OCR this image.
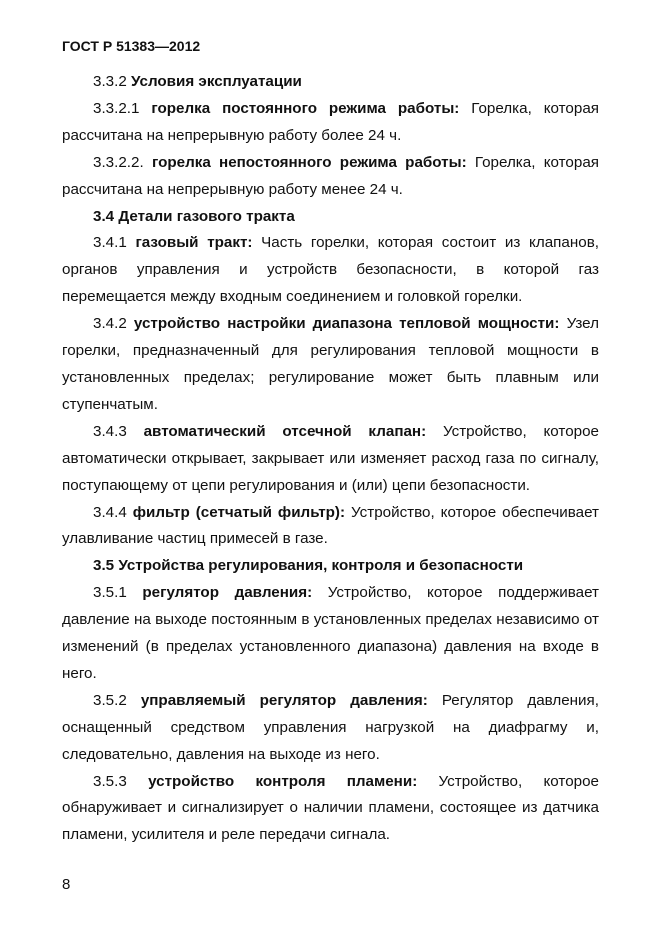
ГОСТ Р 51383—2012

3.3.2 Условия эксплуатации

3.3.2.1 горелка постоянного режима работы: Горелка, которая рассчитана на непрерывную работу более 24 ч.

3.3.2.2. горелка непостоянного режима работы: Горелка, которая рассчитана на непрерывную работу менее 24 ч.

3.4 Детали газового тракта

3.4.1 газовый тракт: Часть горелки, которая состоит из клапанов, органов управления и устройств безопасности, в которой газ перемещается между входным соединением и головкой горелки.

3.4.2 устройство настройки диапазона тепловой мощности: Узел горелки, предназначенный для регулирования тепловой мощности в установленных пределах; регулирование может быть плавным или ступенчатым.

3.4.3 автоматический отсечной клапан: Устройство, которое автоматически открывает, закрывает или изменяет расход газа по сигналу, поступающему от цепи регулирования и (или) цепи безопасности.

3.4.4 фильтр (сетчатый фильтр): Устройство, которое обеспечивает улавливание частиц примесей в газе.

3.5 Устройства регулирования, контроля и безопасности

3.5.1 регулятор давления: Устройство, которое поддерживает давление на выходе постоянным в установленных пределах независимо от изменений (в пределах установленного диапазона) давления на входе в него.

3.5.2 управляемый регулятор давления: Регулятор давления, оснащенный средством управления нагрузкой на диафрагму и, следовательно, давления на выходе из него.

3.5.3 устройство контроля пламени: Устройство, которое обнаруживает и сигнализирует о наличии пламени, состоящее из датчика пламени, усилителя и реле передачи сигнала.

8
